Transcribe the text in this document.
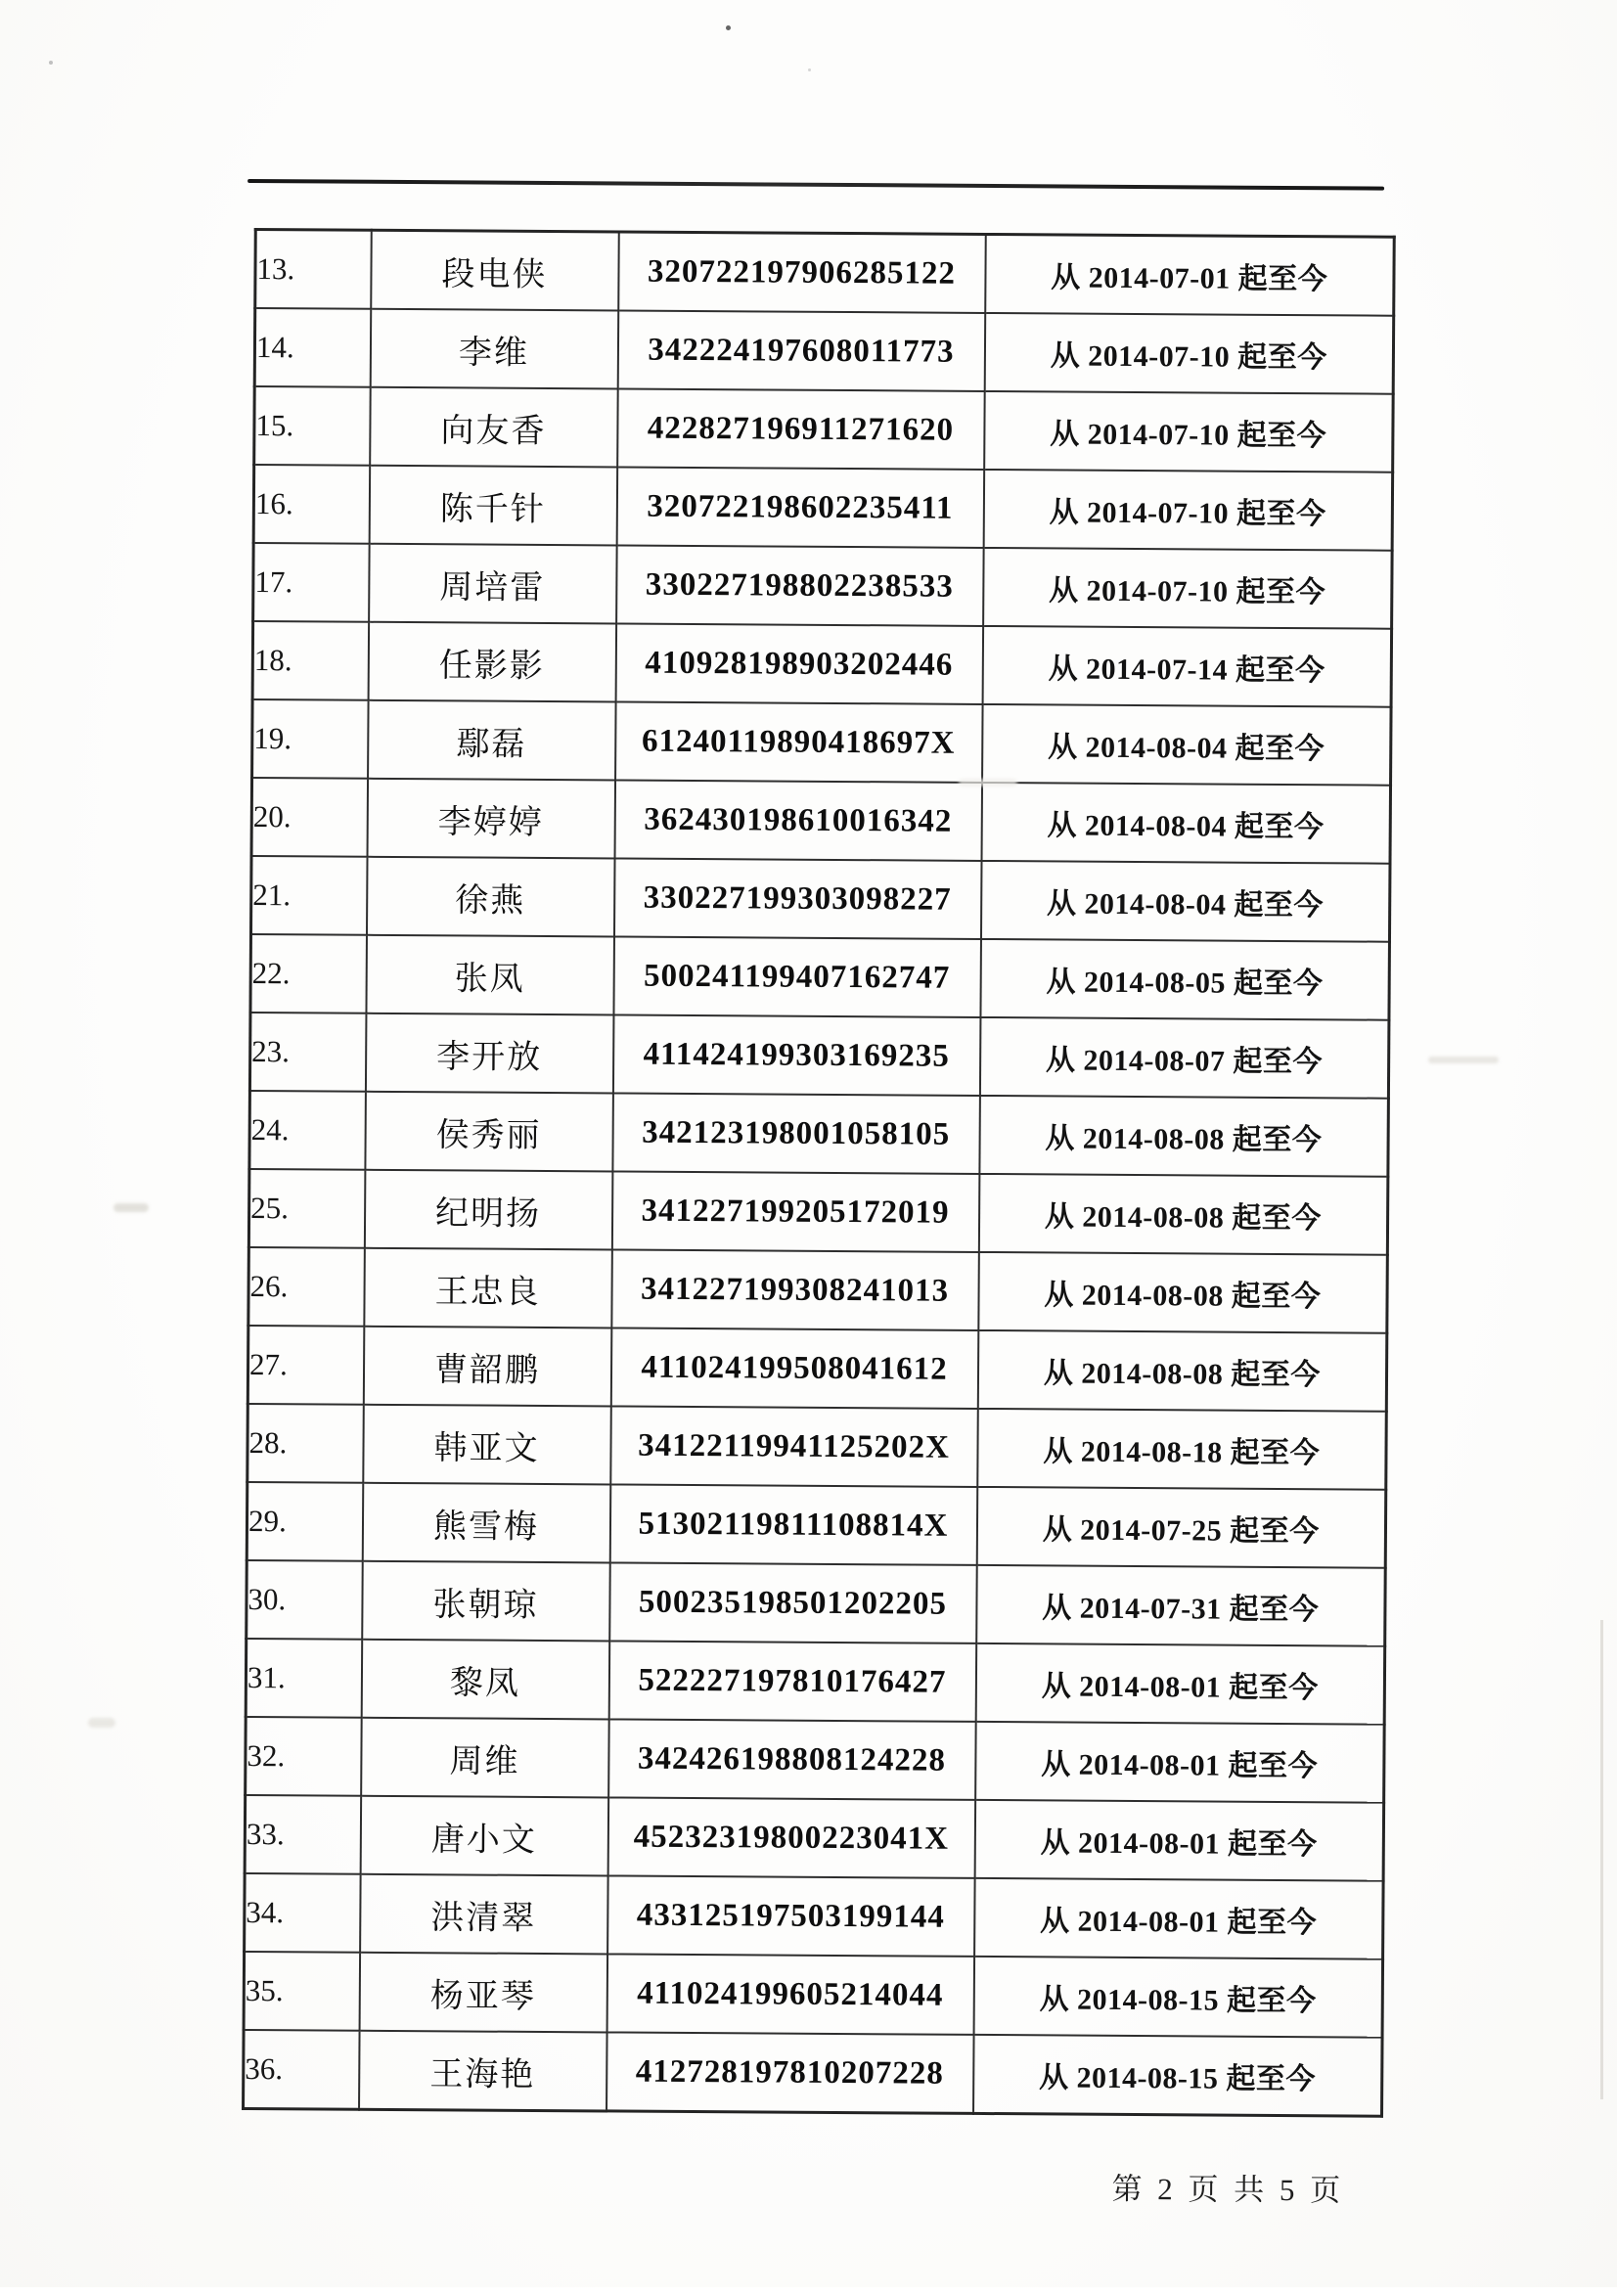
13.	段电侠	320722197906285122	从 2014-07-01 起至今
14.	李维	342224197608011773	从 2014-07-10 起至今
15.	向友香	422827196911271620	从 2014-07-10 起至今
16.	陈千针	320722198602235411	从 2014-07-10 起至今
17.	周培雷	330227198802238533	从 2014-07-10 起至今
18.	任影影	410928198903202446	从 2014-07-14 起至今
19.	鄢磊	61240119890418697X	从 2014-08-04 起至今
20.	李婷婷	362430198610016342	从 2014-08-04 起至今
21.	徐燕	330227199303098227	从 2014-08-04 起至今
22.	张凤	500241199407162747	从 2014-08-05 起至今
23.	李开放	411424199303169235	从 2014-08-07 起至今
24.	侯秀丽	342123198001058105	从 2014-08-08 起至今
25.	纪明扬	341227199205172019	从 2014-08-08 起至今
26.	王忠良	341227199308241013	从 2014-08-08 起至今
27.	曹韶鹏	411024199508041612	从 2014-08-08 起至今
28.	韩亚文	34122119941125202X	从 2014-08-18 起至今
29.	熊雪梅	51302119811108814X	从 2014-07-25 起至今
30.	张朝琼	500235198501202205	从 2014-07-31 起至今
31.	黎凤	522227197810176427	从 2014-08-01 起至今
32.	周维	342426198808124228	从 2014-08-01 起至今
33.	唐小文	45232319800223041X	从 2014-08-01 起至今
34.	洪清翠	433125197503199144	从 2014-08-01 起至今
35.	杨亚琴	411024199605214044	从 2014-08-15 起至今
36.	王海艳	412728197810207228	从 2014-08-15 起至今
第 2 页 共 5 页
